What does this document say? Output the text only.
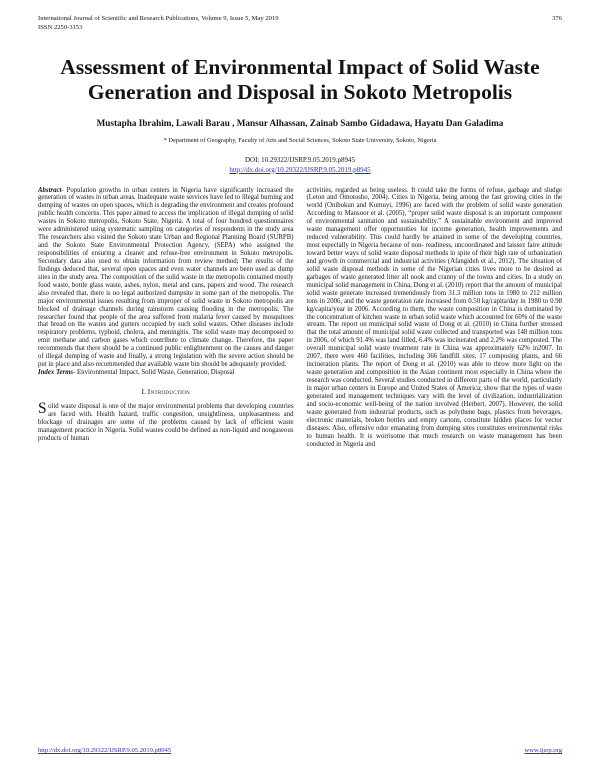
International Journal of Scientific and Research Publications, Volume 9, Issue 5, May 2019
ISSN 2250-3153
376
Assessment of Environmental Impact of Solid Waste Generation and Disposal in Sokoto Metropolis
Mustapha Ibrahim, Lawali Barau , Mansur Alhassan, Zainab Sambo Gidadawa, Hayatu Dan Galadima
* Department of Geography, Faculty of Arts and Social Sciences, Sokoto State University, Sokoto, Nigeria
DOI: 10.29322/IJSRP.9.05.2019.p8945
http://dx.doi.org/10.29322/IJSRP.9.05.2019.p8945

Abstract- Population growths in urban centers in Nigeria have significantly increased the generation of wastes in urban areas. Inadequate waste services have led to illegal burning and dumping of wastes on open spaces, which is degrading the environment and creates profound public health concerns. This paper aimed to access the implication of illegal dumping of solid wastes in Sokoto metropolis, Sokoto State, Nigeria. A total of four hundred questionnaires were administered using systematic sampling on categories of respondents in the study area The researchers also visited the Sokoto state Urban and Regional Planning Board (SURPB) and the Sokoto State Environmental Protection Agency, (SEPA) who assigned the responsibilities of ensuring a cleaner and refuse-free environment in Sokoto metropolis. Secondary data also used to obtain information from review method; The results of the findings deduced that, several open spaces and even water channels are been used as dump sites in the study area. The composition of the solid waste in the metropolis contained mostly food waste, bottle glass waste, ashes, nylon, metal and cans, papers and wood. The research also revealed that, there is no legal authorized dumpsite in some part of the metropolis. The major environmental issues resulting from improper of solid waste in Sokoto metropolis are blocked of drainage channels during rainstorm causing flooding in the metropolis. The researcher found that people of the area suffered from malaria fever caused by mosquitoes that bread on the wastes and gutters occupied by such solid wastes. Other diseases include respiratory problems, typhoid, cholera, and meningitis. The solid waste may decomposed to emit methane and carbon gases which contribute to climate change. Therefore, the paper recommends that there should be a continued public enlightenment on the causes and danger of illegal dumping of waste and finally, a strong legislation with the severe action should be put in place and also recommended that available waste bin should be adequately provided.

Index Terms- Environmental Impact, Solid Waste, Generation, Disposal

I. Introduction

Solid waste disposal is one of the major environmental problems that developing countries are faced with. Health hazard, traffic congestion, unsightliness, unpleasantness and blockage of drainages are some of the problems caused by lack of efficient waste management practice in Nigeria. Solid wastes could be defined as non-liquid and nongaseous products of human

activities, regarded as being useless. It could take the forms of refuse, garbage and sludge (Leton and Omotosho, 2004). Cities in Nigeria, being among the fast growing cities in the world (Onibokun and Kumuyi, 1996) are faced with the problem of solid waste generation According to Mansoor et al. (2005), “proper solid waste disposal is an important component of environmental sanitation and sustainability.” A sustainable environment and improved waste management offer opportunities for income generation, health improvements and reduced vulnerability. This could hardly be attained in some of the developing countries, most especially in Nigeria because of non- readiness, uncoordinated and laissez faire attitude toward better ways of solid waste disposal methods in spite of their high rate of urbanization and growth in commercial and industrial activities (Afangideh et al., 2012). The situation of solid waste disposal methods in some of the Nigerian cities lives more to be desired as garbages of waste generated litter all nook and cranny of the towns and cities. In a study on municipal solid management in China, Dong et al. (2010) report that the amount of municipal solid waste generate increased tremendously from 31.3 million tons in 1980 to 212 million tons in 2006, and the waste generation rate increased from 0.50 kg/capita/day in 1980 to 0.98 kg/capita/year in 2006. According to them, the waste composition in China is dominated by the concentration of kitchen waste in urban solid waste which accounted for 60% of the waste stream. The report on municipal solid waste of Dong et al. (2010) in China further stressed that the total amount of municipal solid waste collected and transported was 148 million tons in 2006, of which 91.4% was land filled, 6.4% was incinerated and 2.2% was composted. The overall municipal solid waste treatment rate in China was approximately 62% in2007. In 2007, there were 460 facilities, including 366 landfill sites, 17 composing plants, and 66 incineration plants. The report of Dong et al. (2010) was able to throw more light on the waste generation and composition in the Asian continent most especially in China where the research was conducted. Several studies conducted in different parts of the world, particularly in major urban centers in Europe and United States of America; show that the types of waste generated and management techniques vary with the level of civilization, industrialization and socio-economic well-being of the nation involved (Herbert, 2007). However, the solid waste generated from industrial products, such as polythene bags, plastics from beverages, electronic materials, broken bottles and empty cartons, constitute hidden places for vector diseases. Also, offensive odor emanating from dumping sites constitutes environmental risks to human health. It is worrisome that much research on waste management has been conducted in Nigeria and

http://dx.doi.org/10.29322/IJSRP.9.05.2019.p8945	www.ijsrp.org
